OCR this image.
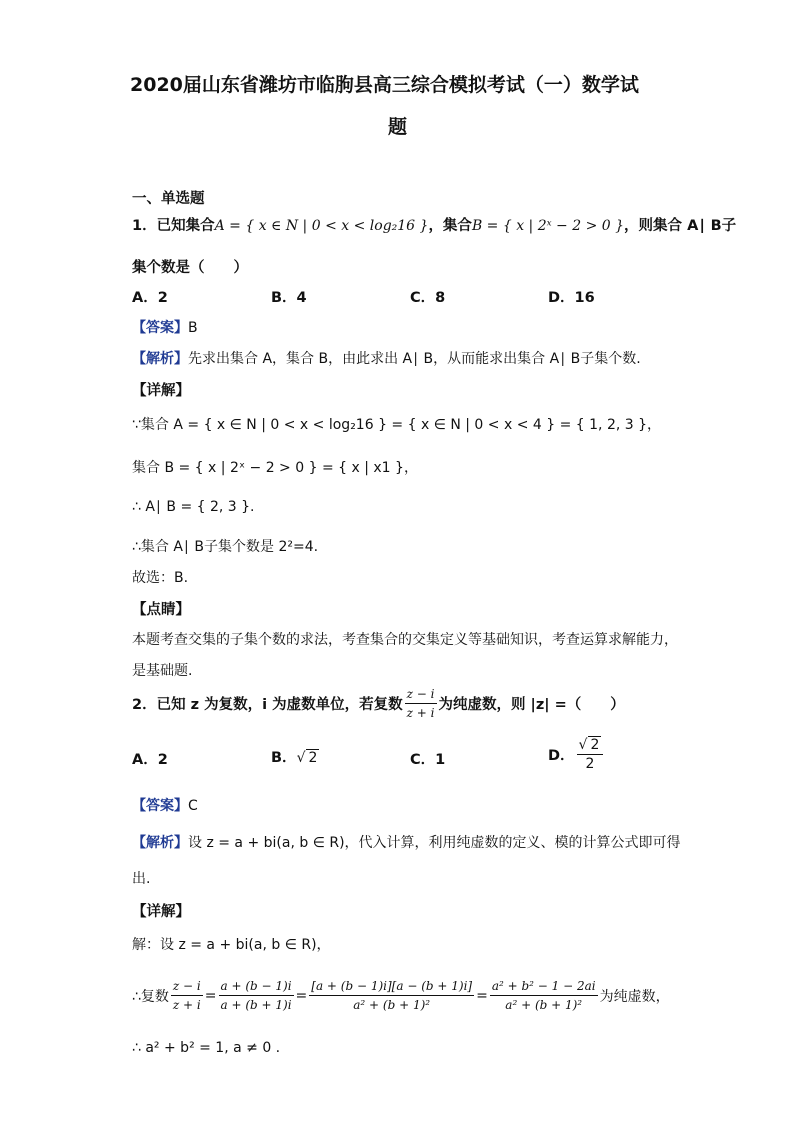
2020届山东省潍坊市临朐县高三综合模拟考试（一）数学试
题
一、单选题
1．已知集合A = { x ∈ N | 0 < x < log₂16 }，集合B = { x | 2ˣ − 2 > 0 }，则集合 A∣ B子
集个数是（　　）
A．2	B．4	C．8	D．16
【答案】B
【解析】先求出集合 A，集合 B，由此求出 A∣ B，从而能求出集合 A∣ B子集个数.
【详解】
∵集合 A = { x ∈ N | 0 < x < log₂16 } = { x ∈ N | 0 < x < 4 } = { 1, 2, 3 }，
集合 B = { x | 2ˣ − 2 > 0 } = { x | x1 }，
∴ A∣ B = { 2, 3 }.
∴集合 A∣ B子集个数是 2²=4.
故选：B.
【点睛】
本题考查交集的子集个数的求法，考查集合的交集定义等基础知识，考查运算求解能力，
是基础题.
2．已知 z 为复数，i 为虚数单位，若复数 $\frac{z - i}{z + i}$ 为纯虚数，则 |z| =（　　）
A．2	B．√ 2	C．1	D． $\frac{√ 2}{2}$
【答案】C
【解析】设 z = a + bi(a, b ∈ R)，代入计算，利用纯虚数的定义、模的计算公式即可得
出.
【详解】
解：设 z = a + bi(a, b ∈ R)，
∴复数 $\frac{z - i}{z + i} = \frac{a + (b - 1)i}{a + (b + 1)i} = \frac{[a + (b - 1)i][a - (b + 1)i]}{\text{a² + (b + 1)²}} = \frac{\text{a² + b² − 1 − 2ai}}{\text{a² + (b + 1)²}}$ 为纯虚数，
∴ a² + b² = 1, a ≠ 0 .
